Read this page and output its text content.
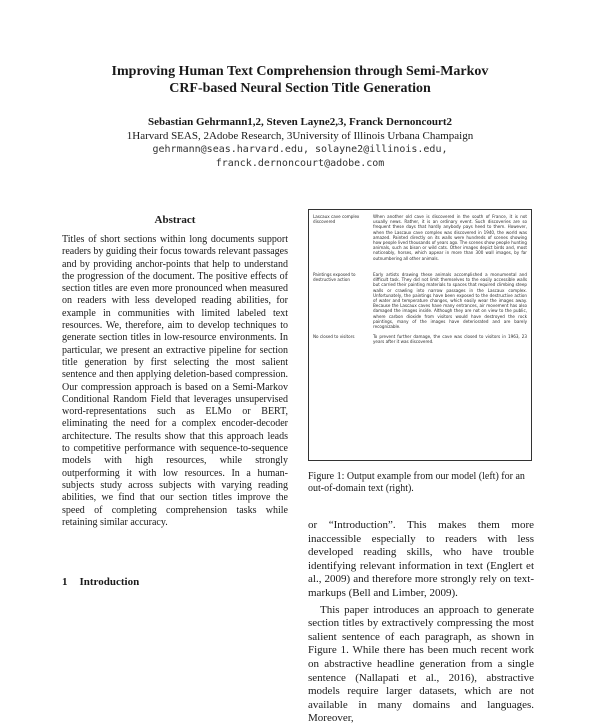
Improving Human Text Comprehension through Semi-Markov
CRF-based Neural Section Title Generation
Sebastian Gehrmann1,2, Steven Layne2,3, Franck Dernoncourt2
1Harvard SEAS, 2Adobe Research, 3University of Illinois Urbana Champaign
gehrmann@seas.harvard.edu, solayne2@illinois.edu,
franck.dernoncourt@adobe.com
Abstract
Titles of short sections within long documents support readers by guiding their focus towards relevant passages and by providing anchor-points that help to understand the progression of the document. The positive effects of section titles are even more pronounced when measured on readers with less developed reading abilities, for example in communities with limited labeled text resources. We, therefore, aim to develop techniques to generate section titles in low-resource environments. In particular, we present an extractive pipeline for section title generation by first selecting the most salient sentence and then applying deletion-based compression. Our compression approach is based on a Semi-Markov Conditional Random Field that leverages unsupervised word-representations such as ELMo or BERT, eliminating the need for a complex encoder-decoder architecture. The results show that this approach leads to competitive performance with sequence-to-sequence models with high resources, while strongly outperforming it with low resources. In a human-subjects study across subjects with varying reading abilities, we find that our section titles improve the speed of completing comprehension tasks while retaining similar accuracy.
1 Introduction
Lascaux cave complex discovered
When another old cave is discovered in the south of France, it is not usually news. Rather, it is an ordinary event. Such discoveries are so frequent these days that hardly anybody pays heed to them. However, when the Lascaux cave complex was discovered in 1940, the world was amazed. Painted directly on its walls were hundreds of scenes showing how people lived thousands of years ago. The scenes show people hunting animals, such as bison or wild cats. Other images depict birds and, most noticeably, horses, which appear in more than 300 wall images, by far outnumbering all other animals.
Paintings exposed to destructive action
Early artists drawing these animals accomplished a monumental and difficult task. They did not limit themselves to the easily accessible walls but carried their painting materials to spaces that required climbing steep walls or crawling into narrow passages in the Lascaux complex. Unfortunately, the paintings have been exposed to the destructive action of water and temperature changes, which easily wear the images away. Because the Lascaux caves have many entrances, air movement has also damaged the images inside. Although they are not on view to the public, where carbon dioxide from visitors would have destroyed the rock paintings, many of the images have deteriorated and are barely recognizable.
No closed to visitors	To prevent further damage, the cave was closed to visitors in 1963, 23 years after it was discovered.
Figure 1: Output example from our model (left) for an out-of-domain text (right).

or “Introduction”. This makes them more inaccessible especially to readers with less developed reading skills, who have trouble identifying relevant information in text (Englert et al., 2009) and therefore more strongly rely on text-markups (Bell and Limber, 2009).

This paper introduces an approach to generate section titles by extractively compressing the most salient sentence of each paragraph, as shown in Figure 1. While there has been much recent work on abstractive headline generation from a single sentence (Nallapati et al., 2016), abstractive models require larger datasets, which are not available in many domains and languages. Moreover,
